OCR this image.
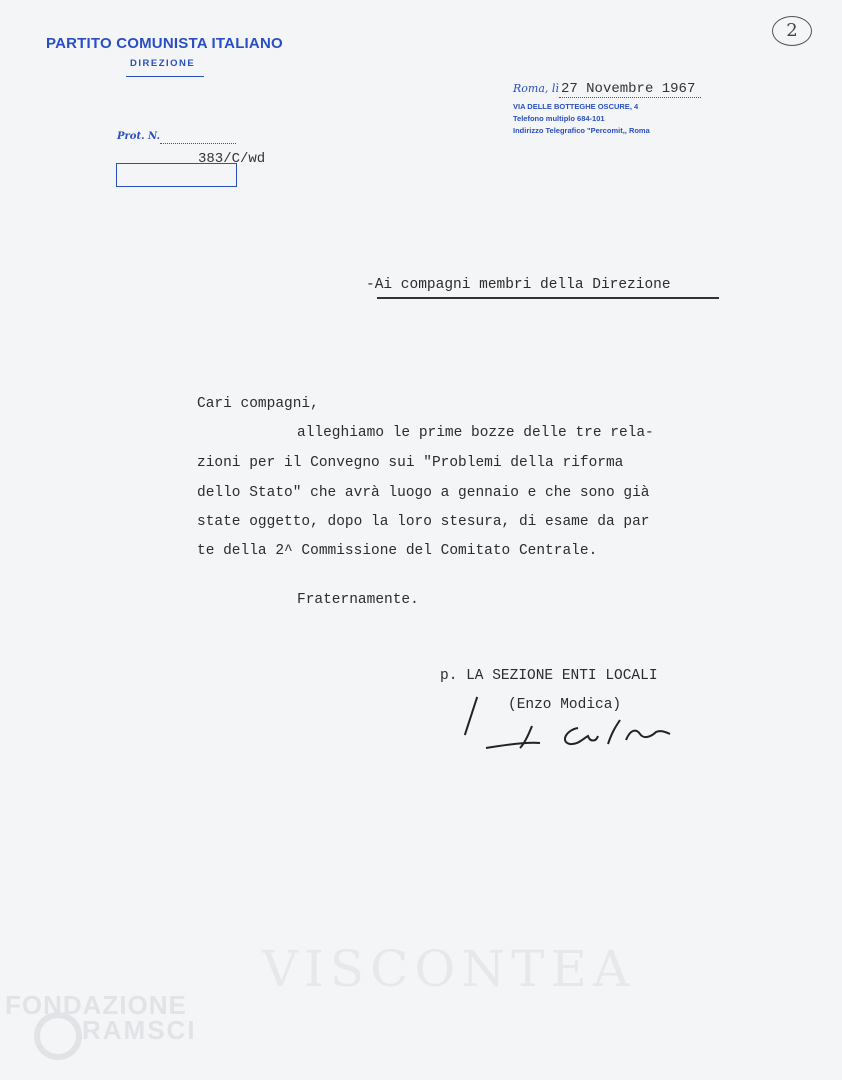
VISCONTEA
FONDAZIONE
RAMSCI
PARTITO COMUNISTA ITALIANO
DIREZIONE
2
Roma, lì 27 Novembre 1967
VIA DELLE BOTTEGHE OSCURE, 4
Telefono multiplo 684-101
Indirizzo Telegrafico "Percomit,, Roma
Prot. N.
383/C/wd
-Ai compagni membri della Direzione
Cari compagni,
alleghiamo le prime bozze delle tre rela-
zioni per il Convegno sui "Problemi della riforma
dello Stato" che avrà luogo a gennaio e che sono già
state oggetto, dopo la loro stesura, di esame da par
te della 2^ Commissione del Comitato Centrale.
Fraternamente.
p. LA SEZIONE ENTI LOCALI
(Enzo Modica)
